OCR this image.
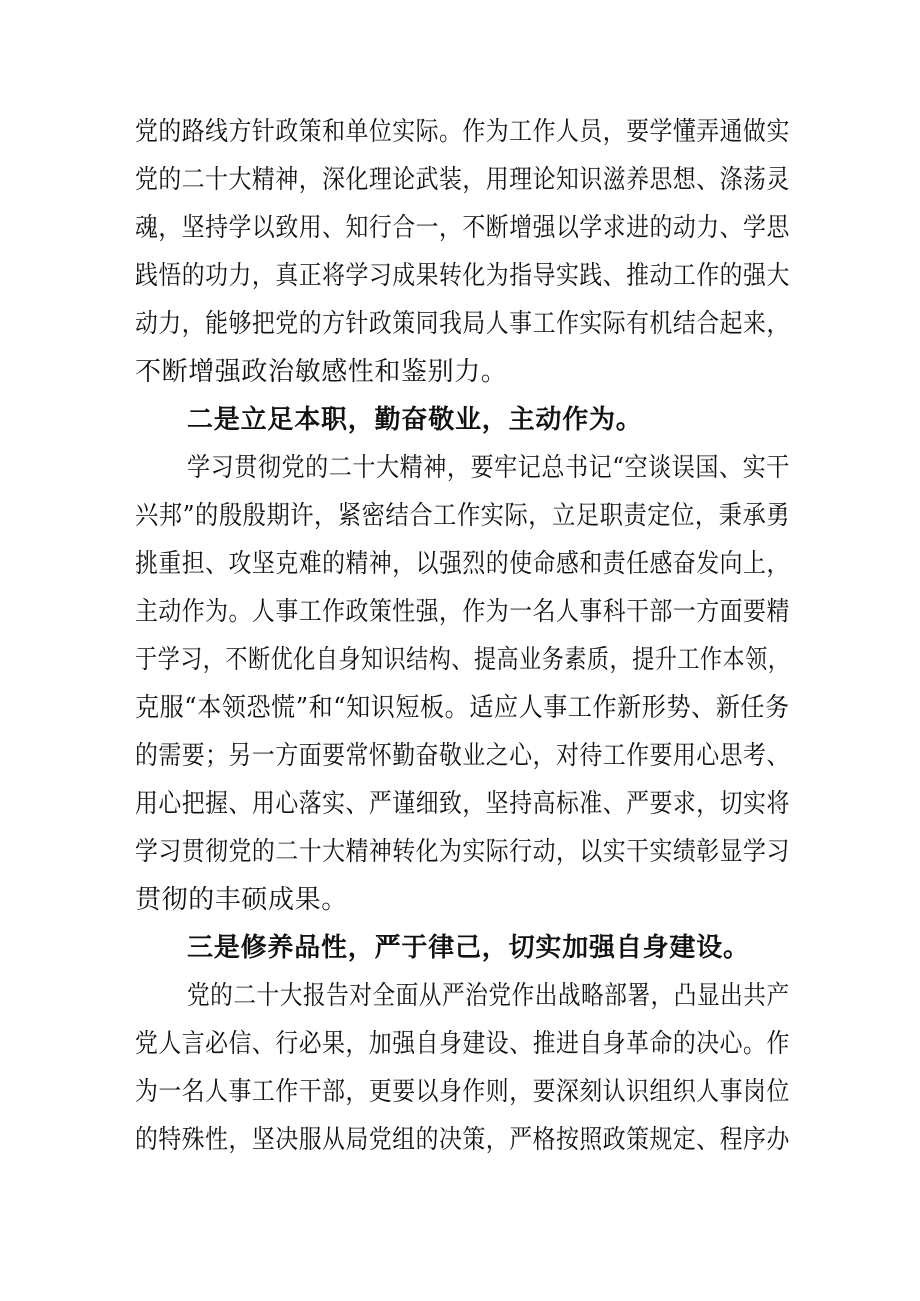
党的路线方针政策和单位实际。作为工作人员，要学懂弄通做实
党的二十大精神，深化理论武装，用理论知识滋养思想、涤荡灵
魂，坚持学以致用、知行合一，不断增强以学求进的动力、学思
践悟的功力，真正将学习成果转化为指导实践、推动工作的强大
动力，能够把党的方针政策同我局人事工作实际有机结合起来，
不断增强政治敏感性和鉴别力。
二是立足本职，勤奋敬业，主动作为。
学习贯彻党的二十大精神，要牢记总书记“空谈误国、实干
兴邦”的殷殷期许，紧密结合工作实际，立足职责定位，秉承勇
挑重担、攻坚克难的精神，以强烈的使命感和责任感奋发向上，
主动作为。人事工作政策性强，作为一名人事科干部一方面要精
于学习，不断优化自身知识结构、提高业务素质，提升工作本领，
克服“本领恐慌”和“知识短板。适应人事工作新形势、新任务
的需要；另一方面要常怀勤奋敬业之心，对待工作要用心思考、
用心把握、用心落实、严谨细致，坚持高标准、严要求，切实将
学习贯彻党的二十大精神转化为实际行动，以实干实绩彰显学习
贯彻的丰硕成果。
三是修养品性，严于律己，切实加强自身建设。
党的二十大报告对全面从严治党作出战略部署，凸显出共产
党人言必信、行必果，加强自身建设、推进自身革命的决心。作
为一名人事工作干部，更要以身作则，要深刻认识组织人事岗位
的特殊性，坚决服从局党组的决策，严格按照政策规定、程序办
